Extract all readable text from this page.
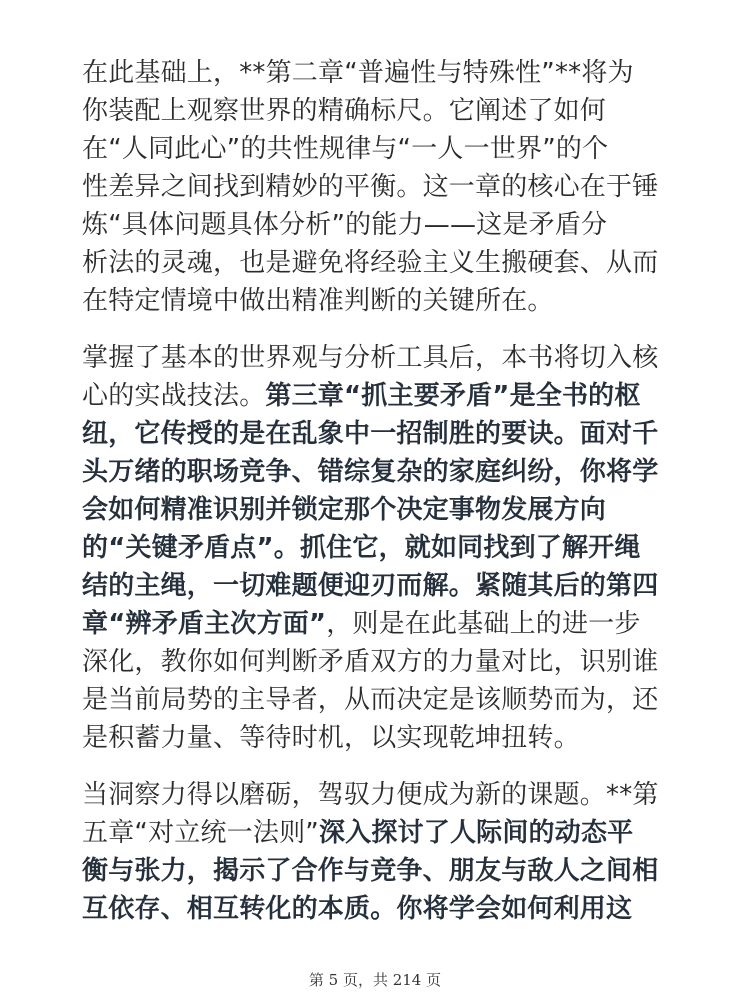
在此基础上，**第二章“普遍性与特殊性”**将为
你装配上观察世界的精确标尺。它阐述了如何
在“人同此心”的共性规律与“一人一世界”的个
性差异之间找到精妙的平衡。这一章的核心在于锤
炼“具体问题具体分析”的能力——这是矛盾分
析法的灵魂，也是避免将经验主义生搬硬套、从而
在特定情境中做出精准判断的关键所在。
掌握了基本的世界观与分析工具后，本书将切入核
心的实战技法。第三章“抓主要矛盾”是全书的枢
纽，它传授的是在乱象中一招制胜的要诀。面对千
头万绪的职场竞争、错综复杂的家庭纠纷，你将学
会如何精准识别并锁定那个决定事物发展方向
的“关键矛盾点”。抓住它，就如同找到了解开绳
结的主绳，一切难题便迎刃而解。紧随其后的第四
章“辨矛盾主次方面”，则是在此基础上的进一步
深化，教你如何判断矛盾双方的力量对比，识别谁
是当前局势的主导者，从而决定是该顺势而为，还
是积蓄力量、等待时机，以实现乾坤扭转。
当洞察力得以磨砺，驾驭力便成为新的课题。**第
五章“对立统一法则”深入探讨了人际间的动态平
衡与张力，揭示了合作与竞争、朋友与敌人之间相
互依存、相互转化的本质。你将学会如何利用这
第 5 页，共 214 页
